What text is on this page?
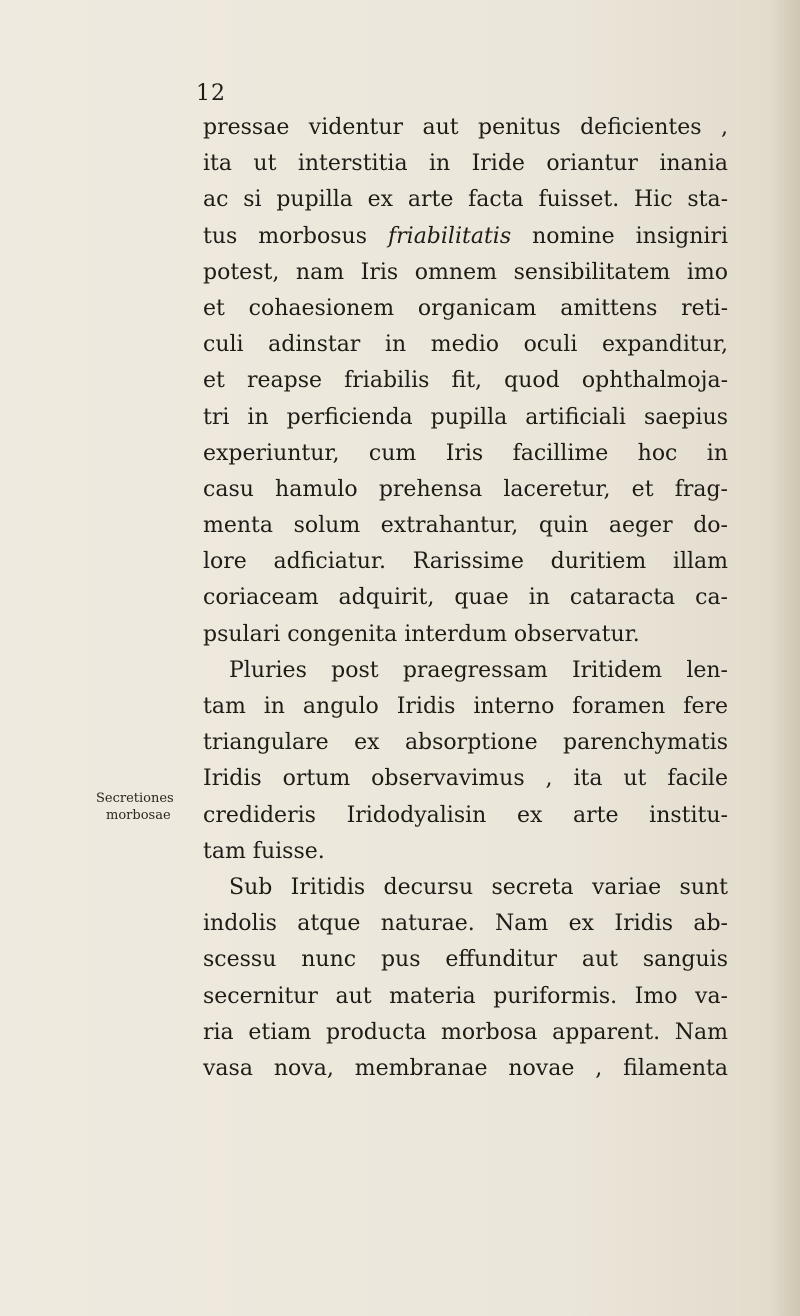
12
Secretiones
morbosae
pressae videntur aut penitus deficientes ,
ita ut interstitia in Iride oriantur inania
ac si pupilla ex arte facta fuisset. Hic sta-
tus morbosus friabilitatis nomine insigniri
potest, nam Iris omnem sensibilitatem imo
et cohaesionem organicam amittens reti-
culi adinstar in medio oculi expanditur,
et reapse friabilis fit, quod ophthalmoja-
tri in perficienda pupilla artificiali saepius
experiuntur, cum Iris facillime hoc in
casu hamulo prehensa laceretur, et frag-
menta solum extrahantur, quin aeger do-
lore adficiatur. Rarissime duritiem illam
coriaceam adquirit, quae in cataracta ca-
psulari congenita interdum observatur.
Pluries post praegressam Iritidem len-
tam in angulo Iridis interno foramen fere
triangulare ex absorptione parenchymatis
Iridis ortum observavimus , ita ut facile
credideris Iridodyalisin ex arte institu-
tam fuisse.
Sub Iritidis decursu secreta variae sunt
indolis atque naturae. Nam ex Iridis ab-
scessu nunc pus effunditur aut sanguis
secernitur aut materia puriformis. Imo va-
ria etiam producta morbosa apparent. Nam
vasa nova, membranae novae , filamenta
